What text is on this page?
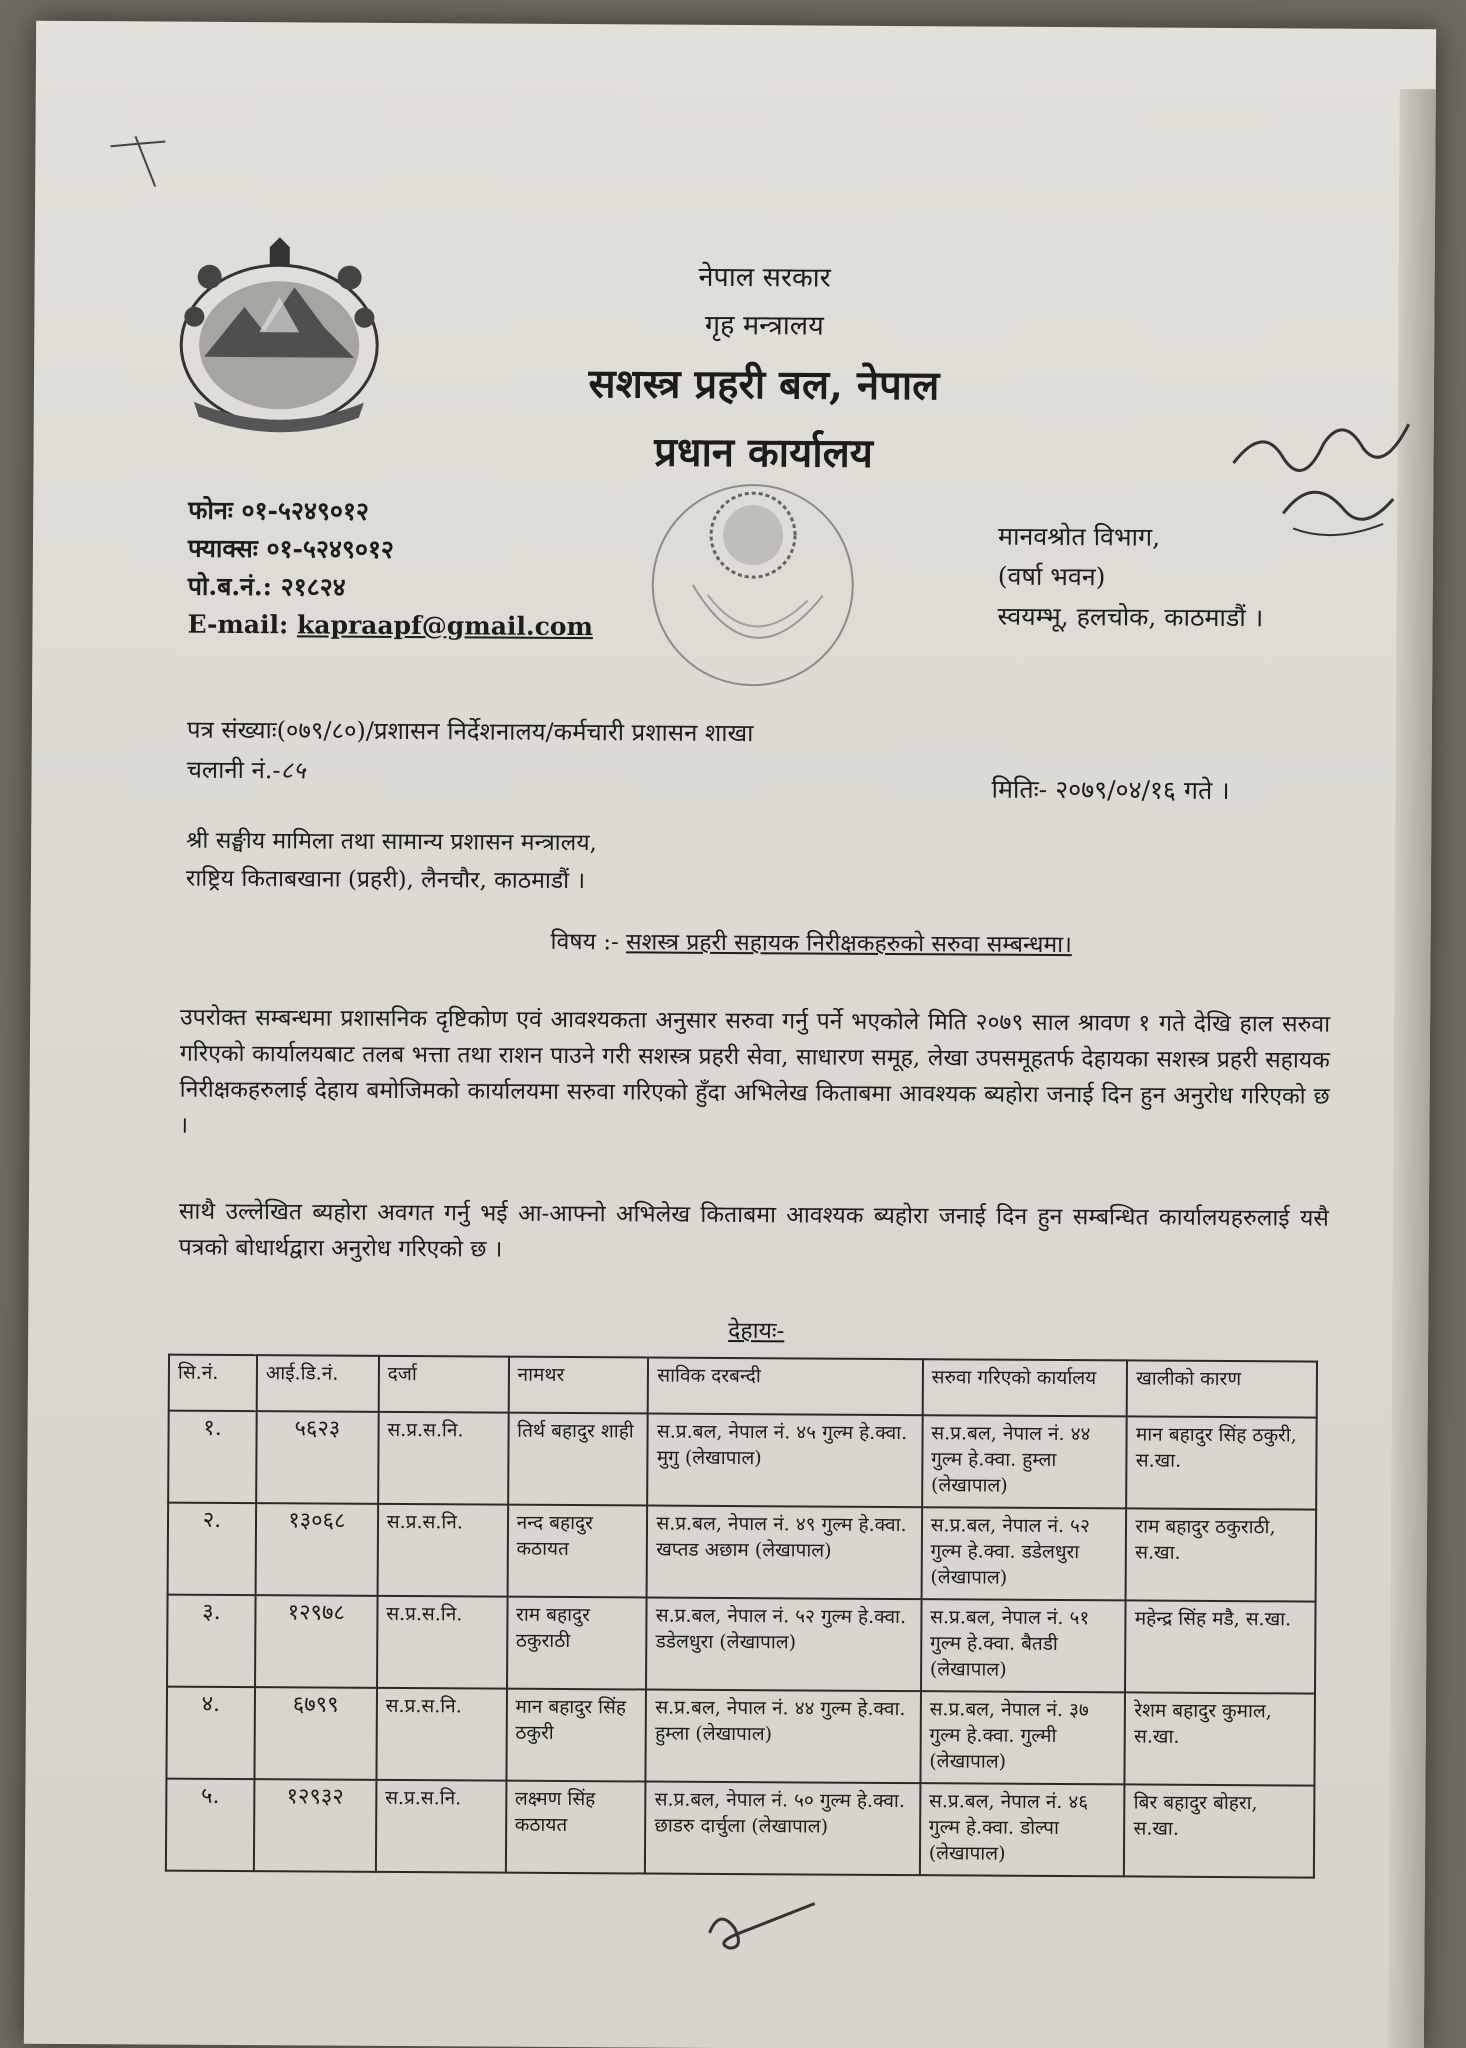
नेपाल सरकार
गृह मन्त्रालय
सशस्त्र प्रहरी बल, नेपाल
प्रधान कार्यालय
फोनः ०१-५२४९०१२
फ्याक्सः ०१-५२४९०१२
पो.ब.नं.: २१८२४
E-mail: kapraapf@gmail.com
मानवश्रोत विभाग,
(वर्षा भवन)
स्वयम्भू, हलचोक, काठमाडौं ।
पत्र संख्याः(०७९/८०)/प्रशासन निर्देशनालय/कर्मचारी प्रशासन शाखा
चलानी नं.-८५
मितिः- २०७९/०४/१६ गते ।
श्री सङ्घीय मामिला तथा सामान्य प्रशासन मन्त्रालय,
राष्ट्रिय किताबखाना (प्रहरी), लैनचौर, काठमाडौं ।
विषय :- सशस्त्र प्रहरी सहायक निरीक्षकहरुको सरुवा सम्बन्धमा।
उपरोक्त सम्बन्धमा प्रशासनिक दृष्टिकोण एवं आवश्यकता अनुसार सरुवा गर्नु पर्ने भएकोले मिति २०७९ साल श्रावण १ गते देखि हाल सरुवा गरिएको कार्यालयबाट तलब भत्ता तथा राशन पाउने गरी सशस्त्र प्रहरी सेवा, साधारण समूह, लेखा उपसमूहतर्फ देहायका सशस्त्र प्रहरी सहायक निरीक्षकहरुलाई देहाय बमोजिमको कार्यालयमा सरुवा गरिएको हुँदा अभिलेख किताबमा आवश्यक ब्यहोरा जनाई दिन हुन अनुरोध गरिएको छ ।
साथै उल्लेखित ब्यहोरा अवगत गर्नु भई आ-आफ्नो अभिलेख किताबमा आवश्यक ब्यहोरा जनाई दिन हुन सम्बन्धित कार्यालयहरुलाई यसै पत्रको बोधार्थद्वारा अनुरोध गरिएको छ ।
देहायः-
सि.नं.	आई.डि.नं.	दर्जा	नामथर	साविक दरबन्दी	सरुवा गरिएको कार्यालय	खालीको कारण
१.	५६२३	स.प्र.स.नि.	तिर्थ बहादुर शाही	स.प्र.बल, नेपाल नं. ४५ गुल्म हे.क्वा. मुगु (लेखापाल)	स.प्र.बल, नेपाल नं. ४४ गुल्म हे.क्वा. हुम्ला (लेखापाल)	मान बहादुर सिंह ठकुरी, स.खा.
२.	१३०६८	स.प्र.स.नि.	नन्द बहादुर कठायत	स.प्र.बल, नेपाल नं. ४९ गुल्म हे.क्वा. खप्तड अछाम (लेखापाल)	स.प्र.बल, नेपाल नं. ५२ गुल्म हे.क्वा. डडेलधुरा (लेखापाल)	राम बहादुर ठकुराठी, स.खा.
३.	१२९७८	स.प्र.स.नि.	राम बहादुर ठकुराठी	स.प्र.बल, नेपाल नं. ५२ गुल्म हे.क्वा. डडेलधुरा (लेखापाल)	स.प्र.बल, नेपाल नं. ५१ गुल्म हे.क्वा. बैतडी (लेखापाल)	महेन्द्र सिंह मडै, स.खा.
४.	६७९९	स.प्र.स.नि.	मान बहादुर सिंह ठकुरी	स.प्र.बल, नेपाल नं. ४४ गुल्म हे.क्वा. हुम्ला (लेखापाल)	स.प्र.बल, नेपाल नं. ३७ गुल्म हे.क्वा. गुल्मी (लेखापाल)	रेशम बहादुर कुमाल, स.खा.
५.	१२९३२	स.प्र.स.नि.	लक्ष्मण सिंह कठायत	स.प्र.बल, नेपाल नं. ५० गुल्म हे.क्वा. छाडरु दार्चुला (लेखापाल)	स.प्र.बल, नेपाल नं. ४६ गुल्म हे.क्वा. डोल्पा (लेखापाल)	बिर बहादुर बोहरा, स.खा.
